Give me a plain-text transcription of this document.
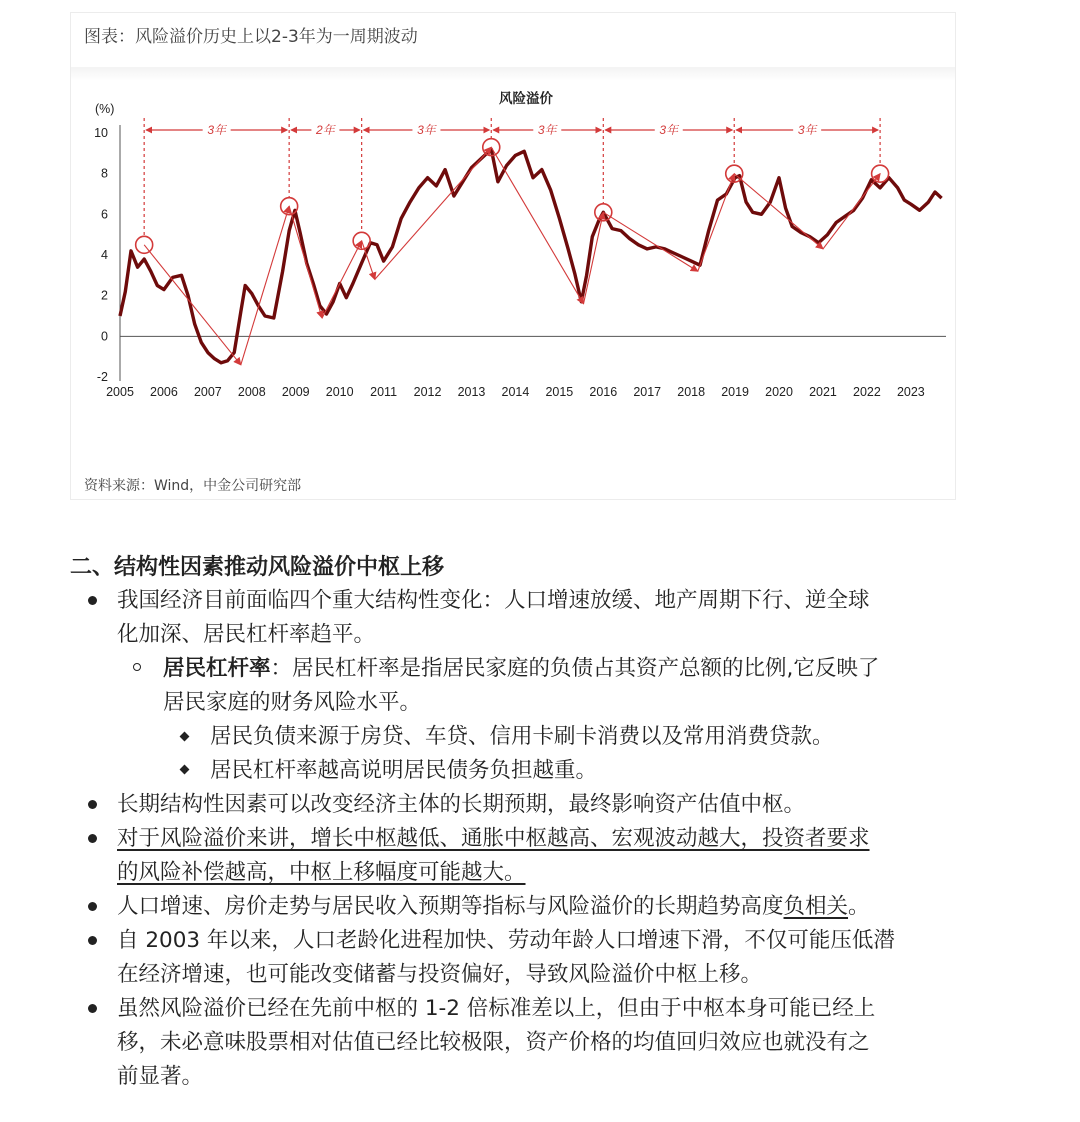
图表：风险溢价历史上以2-3年为一周期波动
风险溢价
(%)
10
8
6
4
2
0
-2
2005 2006 2007 2008 2009 2010 2011 2012 2013 2014 2015 2016 2017 2018 2019 2020 2021 2022 2023
3年	2年	3年	3年	3年	3年
资料来源：Wind，中金公司研究部
二、结构性因素推动风险溢价中枢上移
我国经济目前面临四个重大结构性变化：人口增速放缓、地产周期下行、逆全球
化加深、居民杠杆率趋平。
居民杠杆率：居民杠杆率是指居民家庭的负债占其资产总额的比例,它反映了
居民家庭的财务风险水平。
居民负债来源于房贷、车贷、信用卡刷卡消费以及常用消费贷款。
居民杠杆率越高说明居民债务负担越重。
长期结构性因素可以改变经济主体的长期预期，最终影响资产估值中枢。
对于风险溢价来讲，增长中枢越低、通胀中枢越高、宏观波动越大，投资者要求
的风险补偿越高，中枢上移幅度可能越大。
人口增速、房价走势与居民收入预期等指标与风险溢价的长期趋势高度负相关。
自 2003 年以来，人口老龄化进程加快、劳动年龄人口增速下滑，不仅可能压低潜
在经济增速，也可能改变储蓄与投资偏好，导致风险溢价中枢上移。
虽然风险溢价已经在先前中枢的 1-2 倍标准差以上，但由于中枢本身可能已经上
移，未必意味股票相对估值已经比较极限，资产价格的均值回归效应也就没有之
前显著。
